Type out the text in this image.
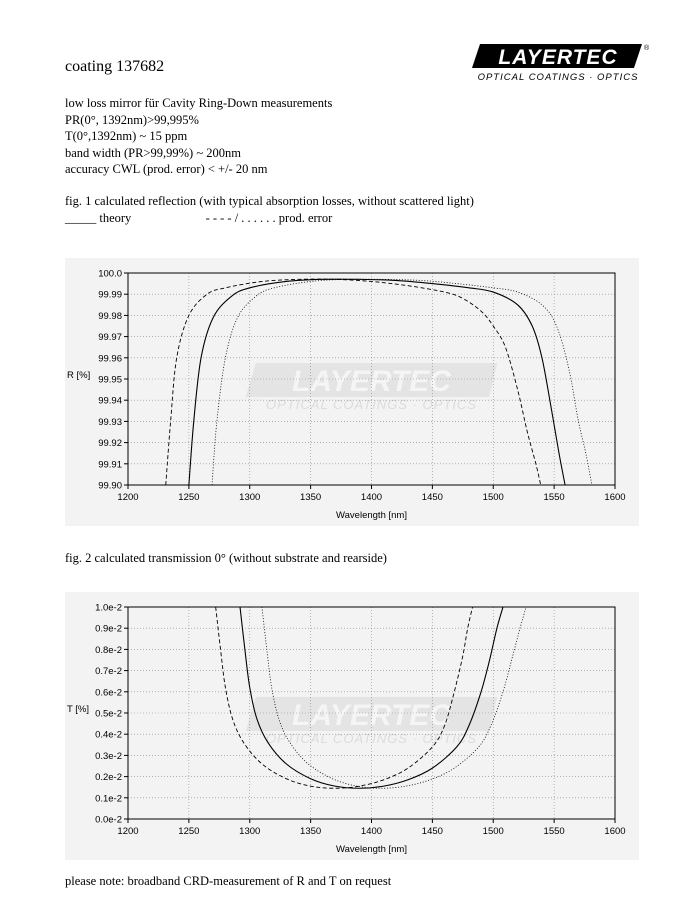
LAYERTEC	®
OPTICAL COATINGS · OPTICS
coating 137682
low loss mirror für Cavity Ring-Down measurements
PR(0°, 1392nm)>99,995%
T(0°,1392nm) ~ 15 ppm
band width (PR>99,99%) ~ 200nm
accuracy CWL (prod. error) < +/- 20 nm
fig. 1 calculated reflection (with typical absorption losses, without scattered light)
_____ theory	- - - - / . . . . . . prod. error
LAYERTEC
OPTICAL COATINGS · OPTICS
99.90
99.91
99.92
99.93
99.94
99.95
99.96
99.97
99.98
99.99
100.0
1200	1250	1300	1350	1400	1450	1500	1550	1600
Wavelength [nm]
R [%]
fig. 2 calculated transmission 0° (without substrate and rearside)
LAYERTEC
OPTICAL COATINGS · OPTICS
0.0e-2
0.1e-2
0.2e-2
0.3e-2
0.4e-2
0.5e-2
0.6e-2
0.7e-2
0.8e-2
0.9e-2
1.0e-2
1200	1250	1300	1350	1400	1450	1500	1550	1600
Wavelength [nm]
T [%]
please note: broadband CRD-measurement of R and T on request
